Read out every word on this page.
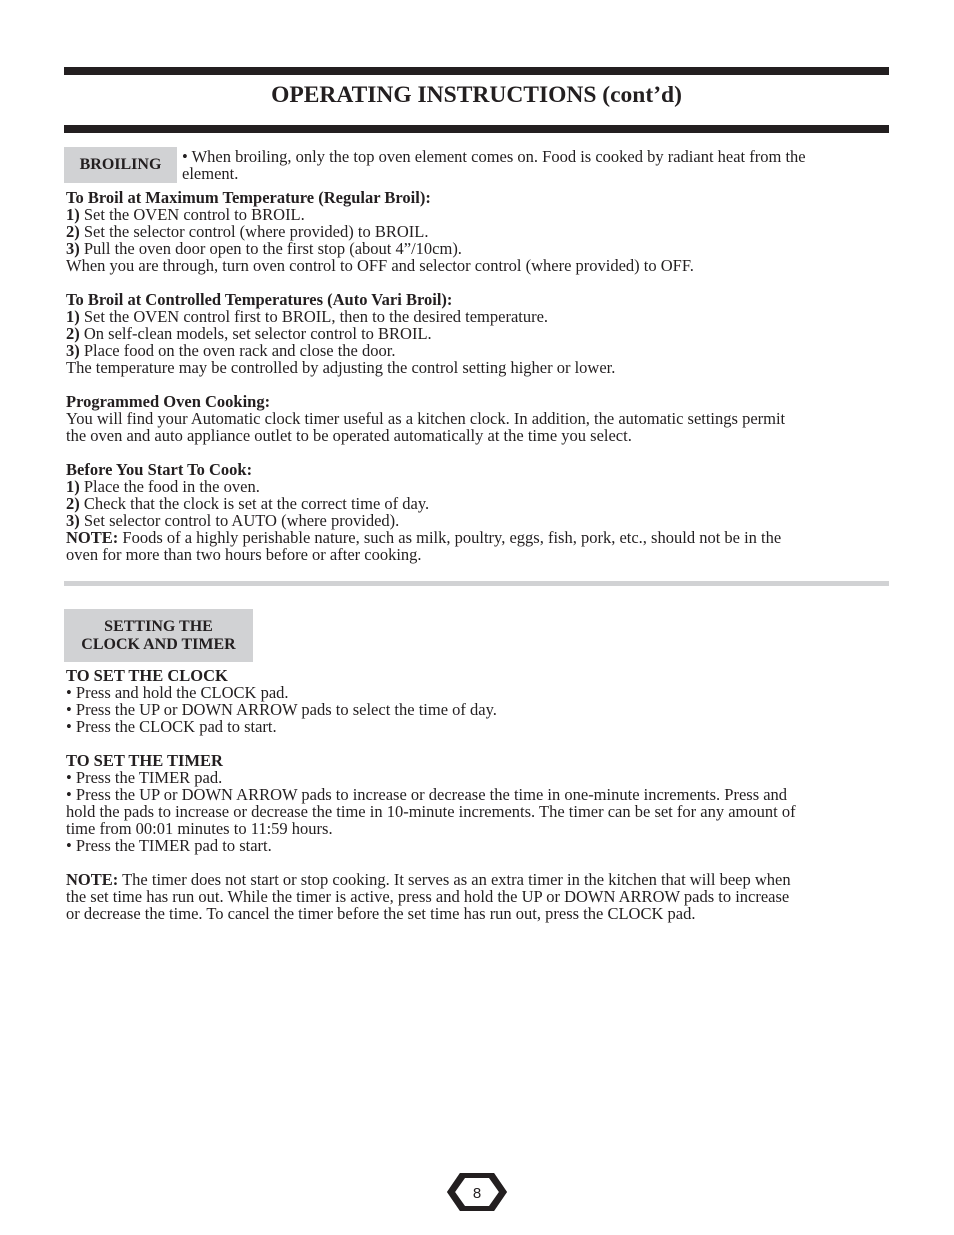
OPERATING INSTRUCTIONS (cont’d)
BROILING	• When broiling, only the top oven element comes on. Food is cooked by radiant heat from the

element.

To Broil at Maximum Temperature (Regular Broil):

1) Set the OVEN control to BROIL.

2) Set the selector control (where provided) to BROIL.

3) Pull the oven door open to the first stop (about 4”/10cm).

When you are through, turn oven control to OFF and selector control (where provided) to OFF.

To Broil at Controlled Temperatures (Auto Vari Broil):

1) Set the OVEN control first to BROIL, then to the desired temperature.

2) On self-clean models, set selector control to BROIL.

3) Place food on the oven rack and close the door.

The temperature may be controlled by adjusting the control setting higher or lower.

Programmed Oven Cooking:

You will find your Automatic clock timer useful as a kitchen clock. In addition, the automatic settings permit

the oven and auto appliance outlet to be operated automatically at the time you select.

Before You Start To Cook:

1) Place the food in the oven.

2) Check that the clock is set at the correct time of day.

3) Set selector control to AUTO (where provided).

NOTE: Foods of a highly perishable nature, such as milk, poultry, eggs, fish, pork, etc., should not be in the

oven for more than two hours before or after cooking.

SETTING THE
CLOCK AND TIMER

TO SET THE CLOCK

• Press and hold the CLOCK pad.

• Press the UP or DOWN ARROW pads to select the time of day.

• Press the CLOCK pad to start.

TO SET THE TIMER

• Press the TIMER pad.

• Press the UP or DOWN ARROW pads to increase or decrease the time in one-minute increments. Press and

hold the pads to increase or decrease the time in 10-minute increments. The timer can be set for any amount of

time from 00:01 minutes to 11:59 hours.

• Press the TIMER pad to start.

NOTE: The timer does not start or stop cooking. It serves as an extra timer in the kitchen that will beep when

the set time has run out. While the timer is active, press and hold the UP or DOWN ARROW pads to increase

or decrease the time. To cancel the timer before the set time has run out, press the CLOCK pad.

8
